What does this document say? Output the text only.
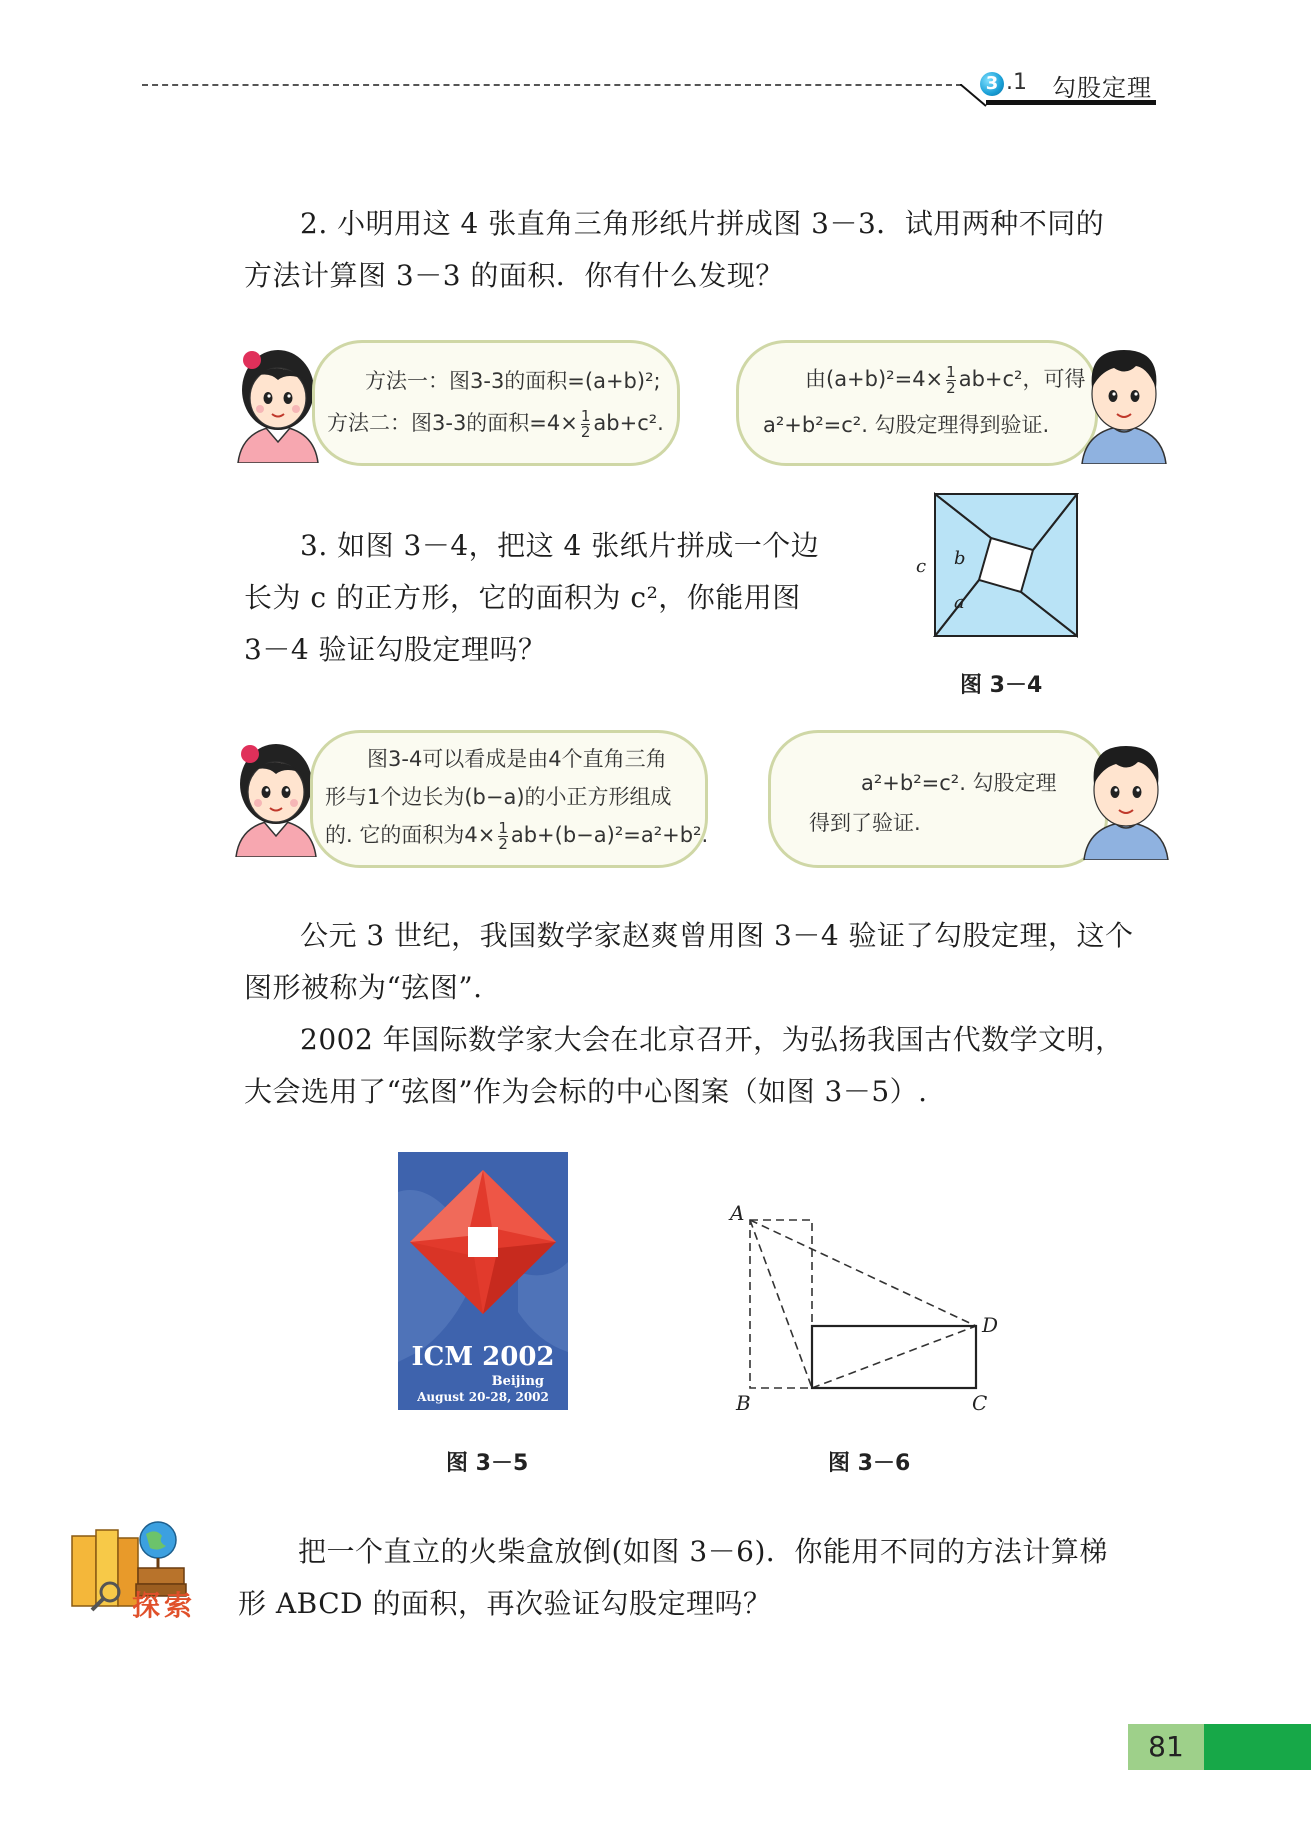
3 .1 勾股定理
2. 小明用这 4 张直角三角形纸片拼成图 3－3．试用两种不同的
方法计算图 3－3 的面积．你有什么发现？
方法一：图3-3的面积=(a+b)²;
方法二：图3-3的面积$=4\times \frac{1}{2} ab+c^2$.
由$(a+b)^2=4\times \frac{1}{2} ab+c^2$，可得
a²+b²=c². 勾股定理得到验证.
3. 如图 3－4，把这 4 张纸片拼成一个边
长为 c 的正方形，它的面积为 c²，你能用图
3－4 验证勾股定理吗？
c b
a
图 3－4
图3-4可以看成是由4个直角三角
形与1个边长为(b−a)的小正方形组成
的. 它的面积为$4\times \frac{1}{2} ab+(b-a)^2=a^2+b^2$.
a²+b²=c². 勾股定理
得到了验证.
公元 3 世纪，我国数学家赵爽曾用图 3－4 验证了勾股定理，这个
图形被称为“弦图”.
2002 年国际数学家大会在北京召开，为弘扬我国古代数学文明，
大会选用了“弦图”作为会标的中心图案（如图 3－5）.
ICM 2002
Beijing
August 20-28, 2002
图 3－5
A
B	C
D
图 3－6
探索
把一个直立的火柴盒放倒(如图 3－6)．你能用不同的方法计算梯
形 ABCD 的面积，再次验证勾股定理吗？
81
